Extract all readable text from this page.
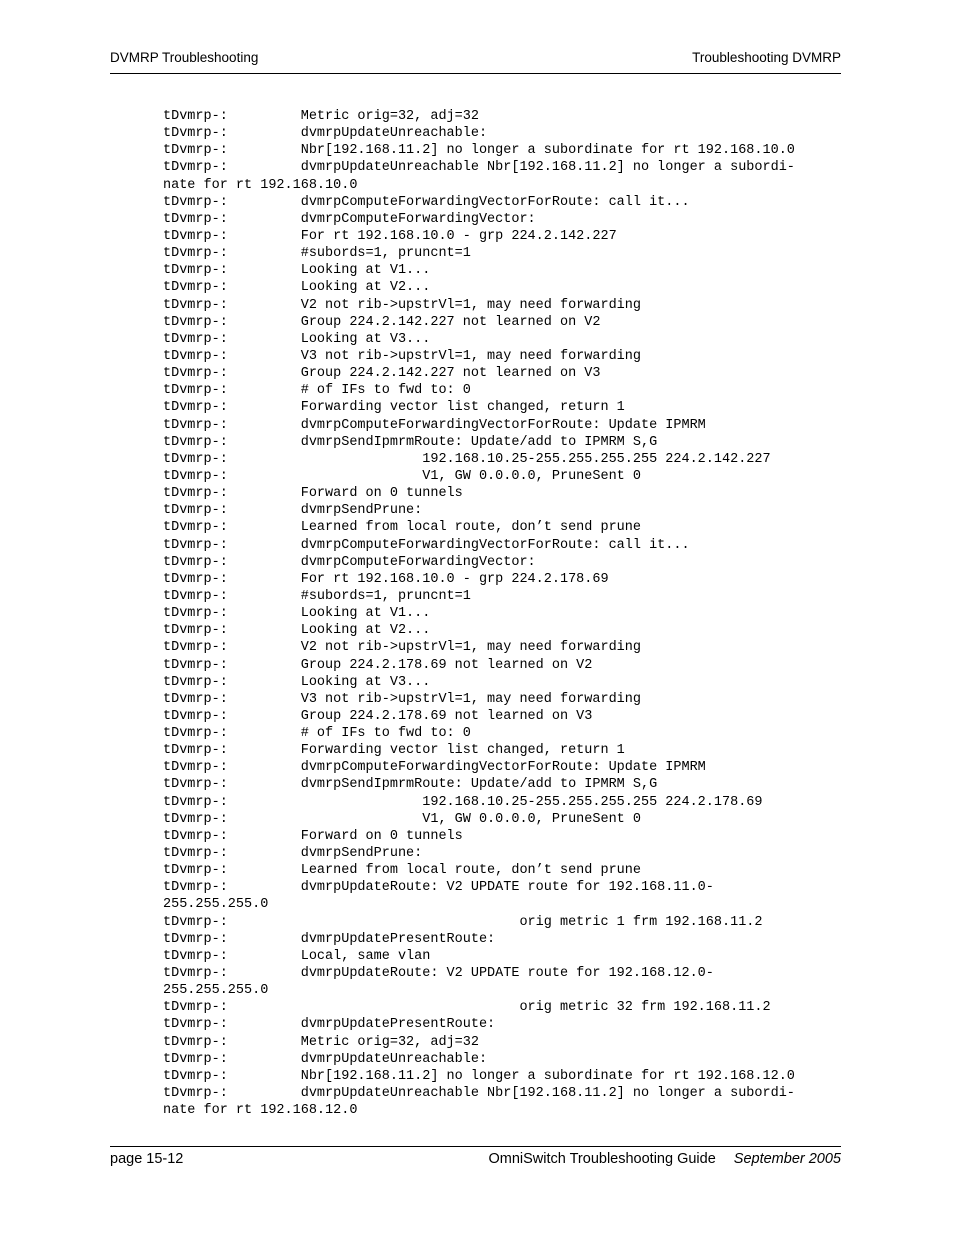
DVMRP Troubleshooting	Troubleshooting DVMRP
tDvmrp-:         Metric orig=32, adj=32
tDvmrp-:         dvmrpUpdateUnreachable:
tDvmrp-:         Nbr[192.168.11.2] no longer a subordinate for rt 192.168.10.0
tDvmrp-:         dvmrpUpdateUnreachable Nbr[192.168.11.2] no longer a subordi-
nate for rt 192.168.10.0
tDvmrp-:         dvmrpComputeForwardingVectorForRoute: call it...
tDvmrp-:         dvmrpComputeForwardingVector:
tDvmrp-:         For rt 192.168.10.0 - grp 224.2.142.227
tDvmrp-:         #subords=1, pruncnt=1
tDvmrp-:         Looking at V1...
tDvmrp-:         Looking at V2...
tDvmrp-:         V2 not rib->upstrVl=1, may need forwarding
tDvmrp-:         Group 224.2.142.227 not learned on V2
tDvmrp-:         Looking at V3...
tDvmrp-:         V3 not rib->upstrVl=1, may need forwarding
tDvmrp-:         Group 224.2.142.227 not learned on V3
tDvmrp-:         # of IFs to fwd to: 0
tDvmrp-:         Forwarding vector list changed, return 1
tDvmrp-:         dvmrpComputeForwardingVectorForRoute: Update IPMRM
tDvmrp-:         dvmrpSendIpmrmRoute: Update/add to IPMRM S,G
tDvmrp-:                        192.168.10.25-255.255.255.255 224.2.142.227
tDvmrp-:                        V1, GW 0.0.0.0, PruneSent 0
tDvmrp-:         Forward on 0 tunnels
tDvmrp-:         dvmrpSendPrune:
tDvmrp-:         Learned from local route, don’t send prune
tDvmrp-:         dvmrpComputeForwardingVectorForRoute: call it...
tDvmrp-:         dvmrpComputeForwardingVector:
tDvmrp-:         For rt 192.168.10.0 - grp 224.2.178.69
tDvmrp-:         #subords=1, pruncnt=1
tDvmrp-:         Looking at V1...
tDvmrp-:         Looking at V2...
tDvmrp-:         V2 not rib->upstrVl=1, may need forwarding
tDvmrp-:         Group 224.2.178.69 not learned on V2
tDvmrp-:         Looking at V3...
tDvmrp-:         V3 not rib->upstrVl=1, may need forwarding
tDvmrp-:         Group 224.2.178.69 not learned on V3
tDvmrp-:         # of IFs to fwd to: 0
tDvmrp-:         Forwarding vector list changed, return 1
tDvmrp-:         dvmrpComputeForwardingVectorForRoute: Update IPMRM
tDvmrp-:         dvmrpSendIpmrmRoute: Update/add to IPMRM S,G
tDvmrp-:                        192.168.10.25-255.255.255.255 224.2.178.69
tDvmrp-:                        V1, GW 0.0.0.0, PruneSent 0
tDvmrp-:         Forward on 0 tunnels
tDvmrp-:         dvmrpSendPrune:
tDvmrp-:         Learned from local route, don’t send prune
tDvmrp-:         dvmrpUpdateRoute: V2 UPDATE route for 192.168.11.0-
255.255.255.0
tDvmrp-:                                    orig metric 1 frm 192.168.11.2
tDvmrp-:         dvmrpUpdatePresentRoute:
tDvmrp-:         Local, same vlan
tDvmrp-:         dvmrpUpdateRoute: V2 UPDATE route for 192.168.12.0-
255.255.255.0
tDvmrp-:                                    orig metric 32 frm 192.168.11.2
tDvmrp-:         dvmrpUpdatePresentRoute:
tDvmrp-:         Metric orig=32, adj=32
tDvmrp-:         dvmrpUpdateUnreachable:
tDvmrp-:         Nbr[192.168.11.2] no longer a subordinate for rt 192.168.12.0
tDvmrp-:         dvmrpUpdateUnreachable Nbr[192.168.11.2] no longer a subordi-
nate for rt 192.168.12.0
page 15-12	OmniSwitch Troubleshooting Guide September 2005
